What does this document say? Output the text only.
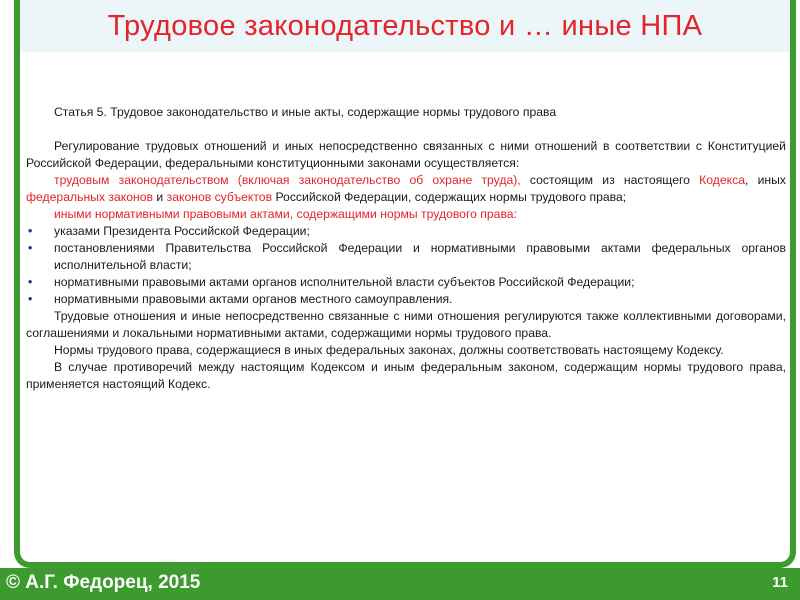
Трудовое законодательство и … иные НПА

Статья 5. Трудовое законодательство и иные акты, содержащие нормы трудового права

Регулирование трудовых отношений и иных непосредственно связанных с ними отношений в соответствии с Конституцией Российской Федерации, федеральными конституционными законами осуществляется:

трудовым законодательством (включая законодательство об охране труда), состоящим из настоящего Кодекса, иных федеральных законов и законов субъектов Российской Федерации, содержащих нормы трудового права;

иными нормативными правовыми актами, содержащими нормы трудового права:

• указами Президента Российской Федерации;
• постановлениями Правительства Российской Федерации и нормативными правовыми актами федеральных органов исполнительной власти;
• нормативными правовыми актами органов исполнительной власти субъектов Российской Федерации;
• нормативными правовыми актами органов местного самоуправления.

Трудовые отношения и иные непосредственно связанные с ними отношения регулируются также коллективными договорами, соглашениями и локальными нормативными актами, содержащими нормы трудового права.

Нормы трудового права, содержащиеся в иных федеральных законах, должны соответствовать настоящему Кодексу.

В случае противоречий между настоящим Кодексом и иным федеральным законом, содержащим нормы трудового права, применяется настоящий Кодекс.

© А.Г. Федорец, 2015	11
